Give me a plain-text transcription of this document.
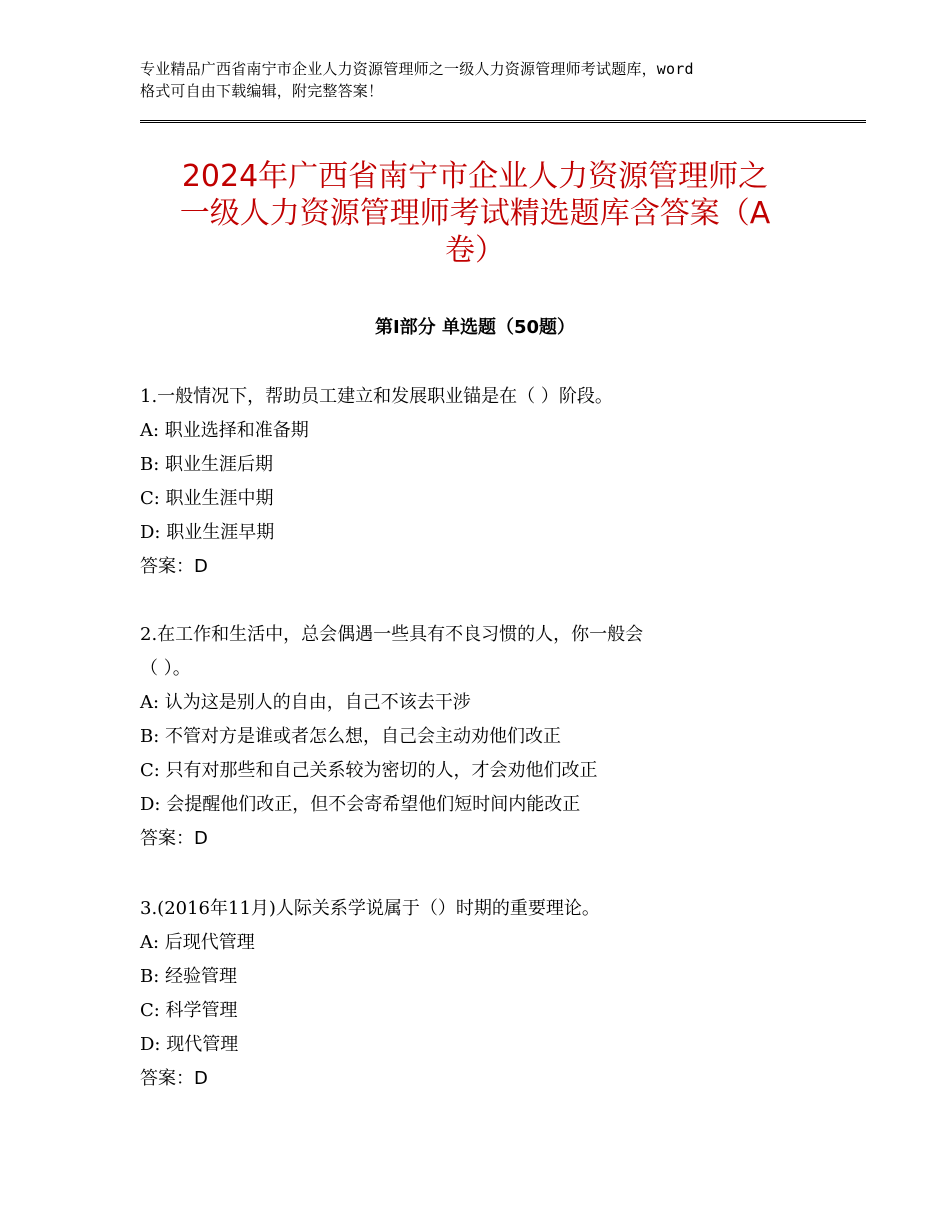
专业精品广西省南宁市企业人力资源管理师之一级人力资源管理师考试题库，word
格式可自由下载编辑，附完整答案！
2024年广西省南宁市企业人力资源管理师之
一级人力资源管理师考试精选题库含答案（A
卷）
第Ⅰ部分 单选题（50题）
1.一般情况下，帮助员工建立和发展职业锚是在（ ）阶段。
A: 职业选择和准备期
B: 职业生涯后期
C: 职业生涯中期
D: 职业生涯早期
答案：D
2.在工作和生活中，总会偶遇一些具有不良习惯的人，你一般会
（ ）。
A: 认为这是别人的自由，自己不该去干涉
B: 不管对方是谁或者怎么想，自己会主动劝他们改正
C: 只有对那些和自己关系较为密切的人，才会劝他们改正
D: 会提醒他们改正，但不会寄希望他们短时间内能改正
答案：D
3.(2016年11月)人际关系学说属于（）时期的重要理论。
A: 后现代管理
B: 经验管理
C: 科学管理
D: 现代管理
答案：D
